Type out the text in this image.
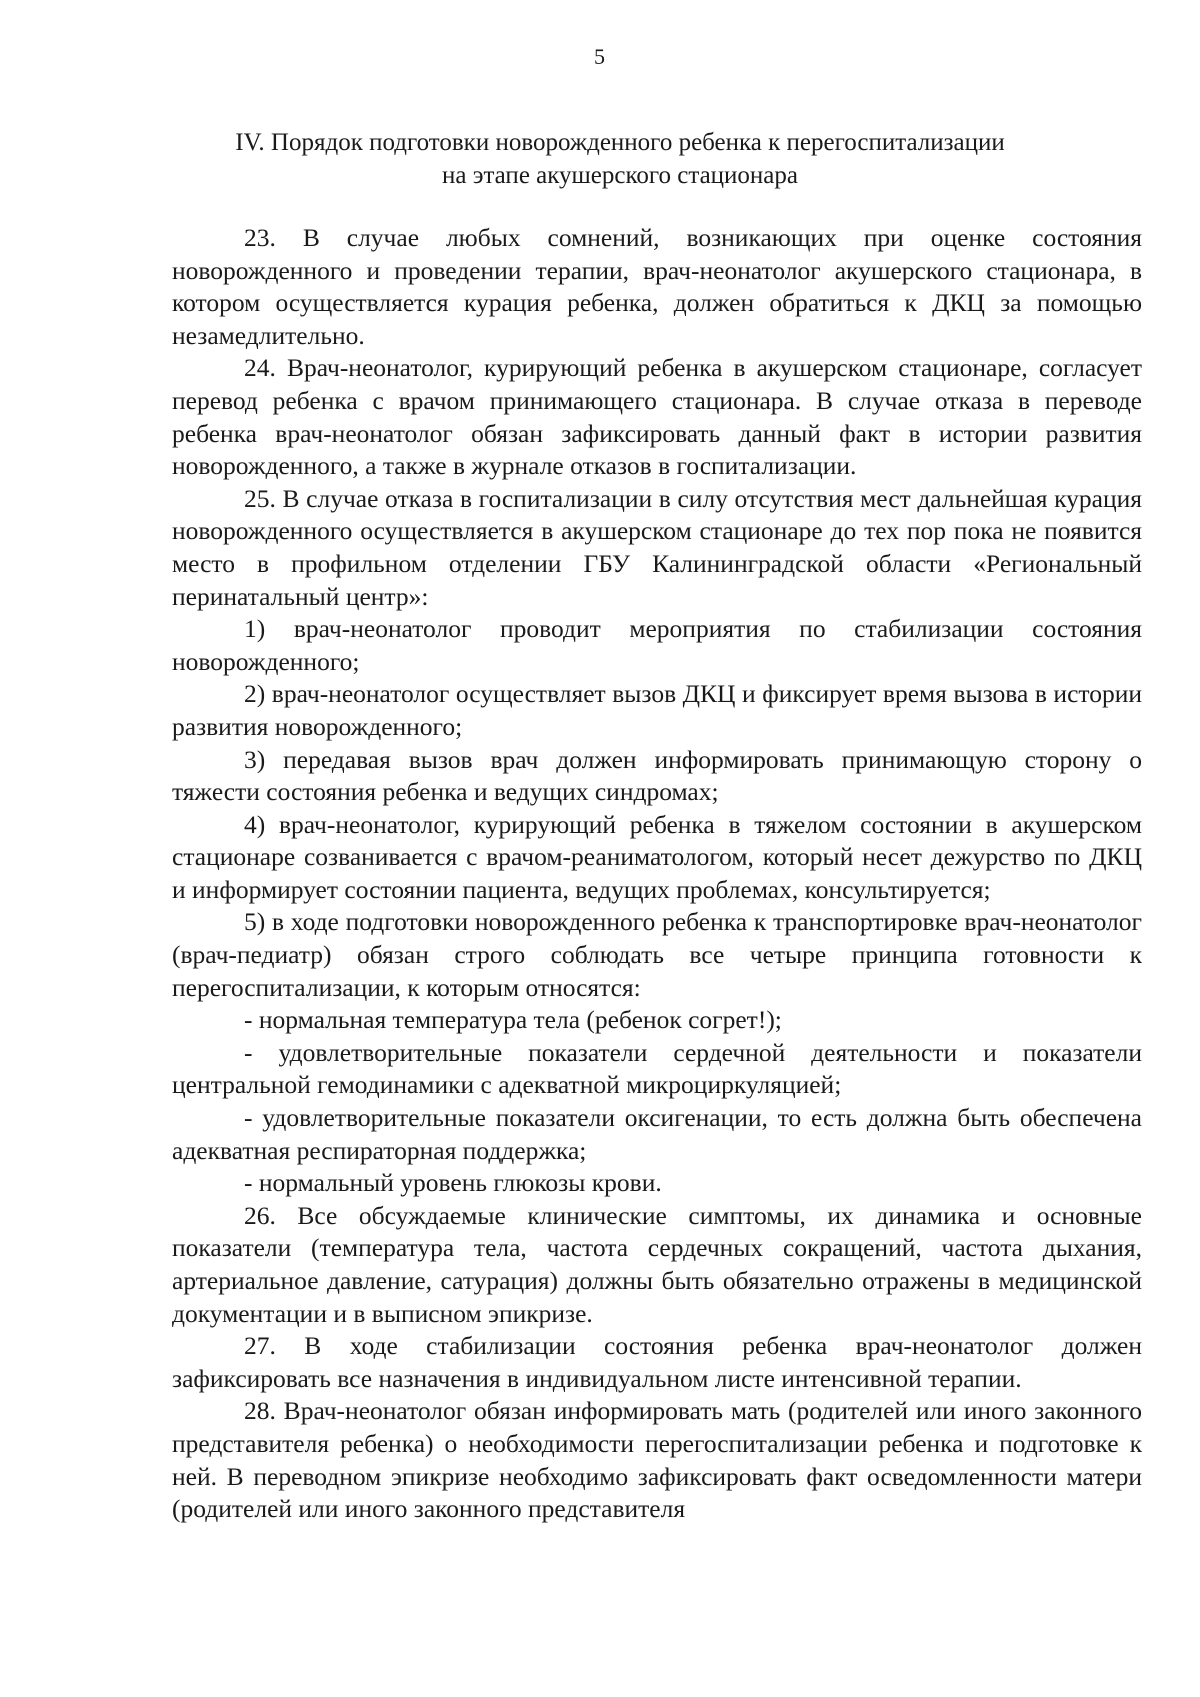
5
IV. Порядок подготовки новорожденного ребенка к перегоспитализации
на этапе акушерского стационара

23. В случае любых сомнений, возникающих при оценке состояния новорожденного и проведении терапии, врач-неонатолог акушерского стационара, в котором осуществляется курация ребенка, должен обратиться к ДКЦ за помощью незамедлительно.

24. Врач-неонатолог, курирующий ребенка в акушерском стационаре, согласует перевод ребенка с врачом принимающего стационара. В случае отказа в переводе ребенка врач-неонатолог обязан зафиксировать данный факт в истории развития новорожденного, а также в журнале отказов в госпитализации.

25. В случае отказа в госпитализации в силу отсутствия мест дальнейшая курация новорожденного осуществляется в акушерском стационаре до тех пор пока не появится место в профильном отделении ГБУ Калининградской области «Региональный перинатальный центр»:

1) врач-неонатолог проводит мероприятия по стабилизации состояния новорожденного;

2) врач-неонатолог осуществляет вызов ДКЦ и фиксирует время вызова в истории развития новорожденного;

3) передавая вызов врач должен информировать принимающую сторону о тяжести состояния ребенка и ведущих синдромах;

4) врач-неонатолог, курирующий ребенка в тяжелом состоянии в акушерском стационаре созванивается с врачом-реаниматологом, который несет дежурство по ДКЦ и информирует состоянии пациента, ведущих проблемах, консультируется;

5) в ходе подготовки новорожденного ребенка к транспортировке врач-неонатолог (врач-педиатр) обязан строго соблюдать все четыре принципа готовности к перегоспитализации, к которым относятся:

- нормальная температура тела (ребенок согрет!);

- удовлетворительные показатели сердечной деятельности и показатели центральной гемодинамики с адекватной микроциркуляцией;

- удовлетворительные показатели оксигенации, то есть должна быть обеспечена адекватная респираторная поддержка;

- нормальный уровень глюкозы крови.

26. Все обсуждаемые клинические симптомы, их динамика и основные показатели (температура тела, частота сердечных сокращений, частота дыхания, артериальное давление, сатурация) должны быть обязательно отражены в медицинской документации и в выписном эпикризе.

27. В ходе стабилизации состояния ребенка врач-неонатолог должен зафиксировать все назначения в индивидуальном листе интенсивной терапии.

28. Врач-неонатолог обязан информировать мать (родителей или иного законного представителя ребенка) о необходимости перегоспитализации ребенка и подготовке к ней. В переводном эпикризе необходимо зафиксировать факт осведомленности матери (родителей или иного законного представителя
